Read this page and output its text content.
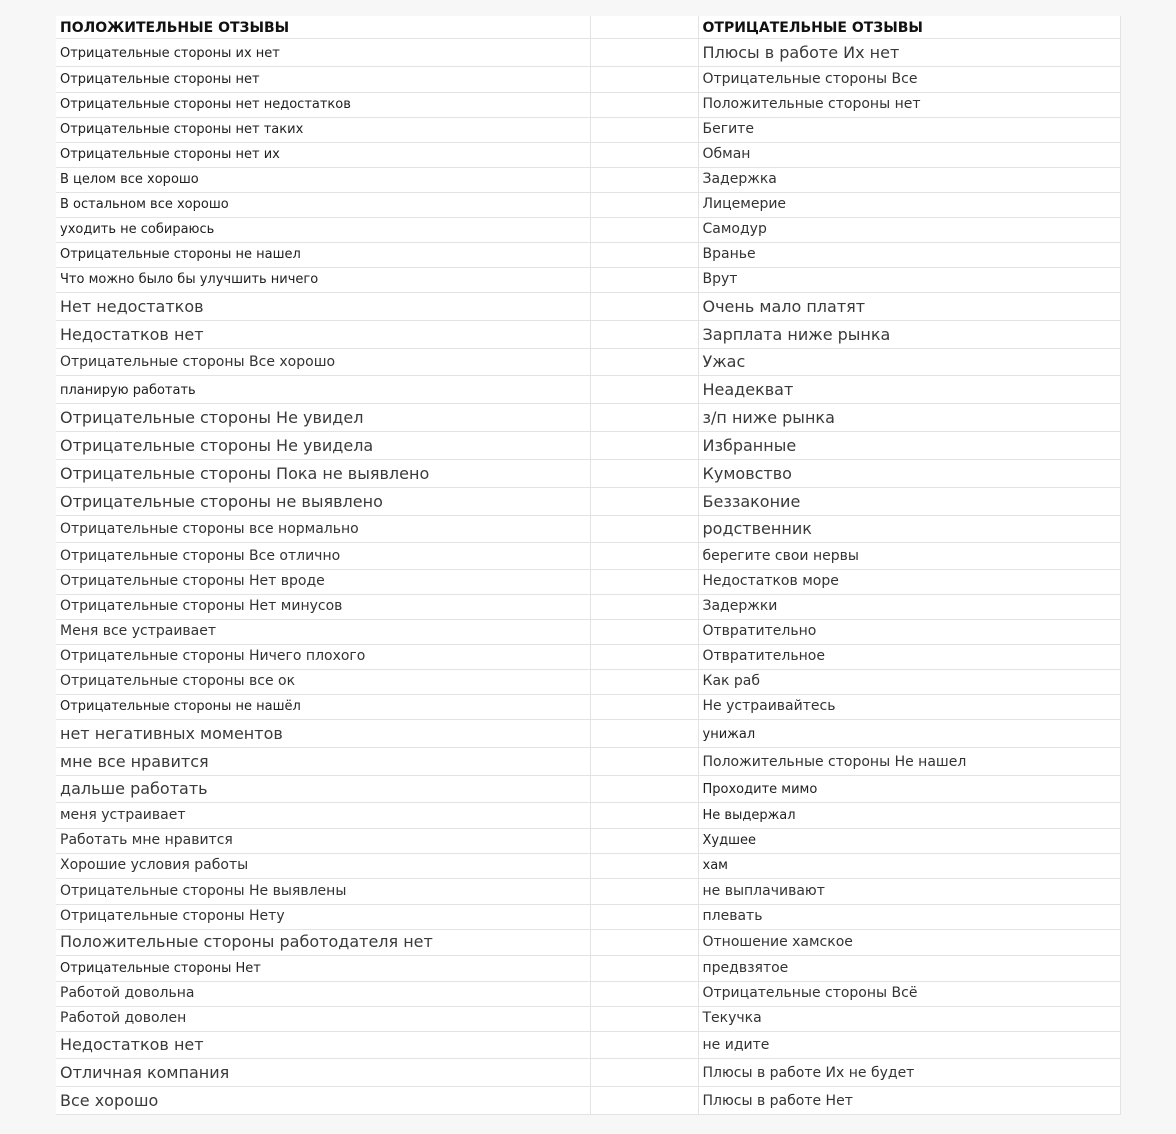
ПОЛОЖИТЕЛЬНЫЕ ОТЗЫВЫ		ОТРИЦАТЕЛЬНЫЕ ОТЗЫВЫ
Отрицательные стороны их нет		Плюсы в работе Их нет
Отрицательные стороны нет		Отрицательные стороны Все
Отрицательные стороны нет недостатков		Положительные стороны нет
Отрицательные стороны нет таких		Бегите
Отрицательные стороны нет их		Обман
В целом все хорошо		Задержка
В остальном все хорошо		Лицемерие
уходить не собираюсь		Самодур
Отрицательные стороны не нашел		Вранье
Что можно было бы улучшить ничего		Врут
Нет недостатков		Очень мало платят
Недостатков нет		Зарплата ниже рынка
Отрицательные стороны Все хорошо		Ужас
планирую работать		Неадекват
Отрицательные стороны Не увидел		з/п ниже рынка
Отрицательные стороны Не увидела		Избранные
Отрицательные стороны Пока не выявлено		Кумовство
Отрицательные стороны не выявлено		Беззаконие
Отрицательные стороны все нормально		родственник
Отрицательные стороны Все отлично		берегите свои нервы
Отрицательные стороны Нет вроде		Недостатков море
Отрицательные стороны Нет минусов		Задержки
Меня все устраивает		Отвратительно
Отрицательные стороны Ничего плохого		Отвратительное
Отрицательные стороны все ок		Как раб
Отрицательные стороны не нашёл		Не устраивайтесь
нет негативных моментов		унижал
мне все нравится		Положительные стороны Не нашел
дальше работать		Проходите мимо
меня устраивает		Не выдержал
Работать мне нравится		Худшее
Хорошие условия работы		хам
Отрицательные стороны Не выявлены		не выплачивают
Отрицательные стороны Нету		плевать
Положительные стороны работодателя нет		Отношение хамское
Отрицательные стороны Нет		предвзятое
Работой довольна		Отрицательные стороны Всё
Работой доволен		Текучка
Недостатков нет		не идите
Отличная компания		Плюсы в работе Их не будет
Все хорошо		Плюсы в работе Нет
